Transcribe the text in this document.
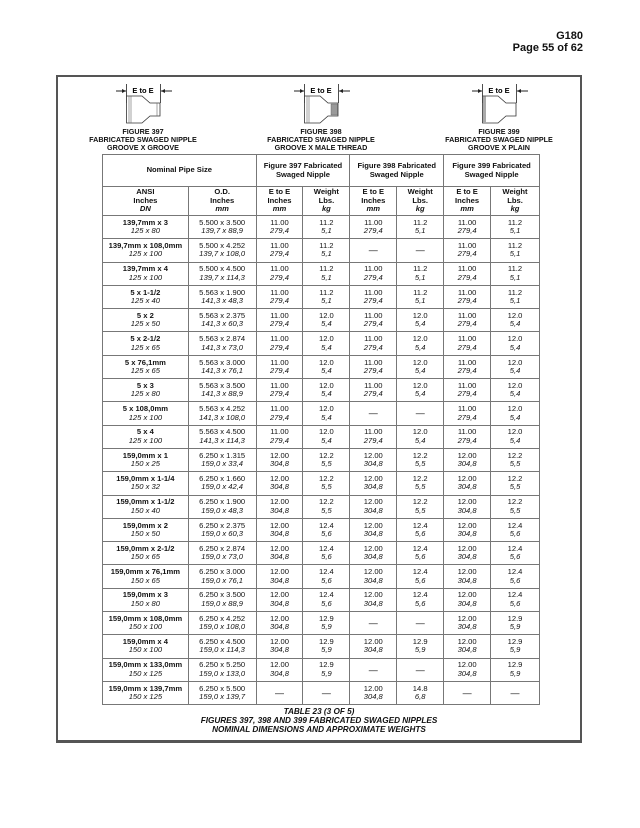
G180
Page 55 of 62
E to E
FIGURE 397
FABRICATED SWAGED NIPPLE
GROOVE X GROOVE
E to E
FIGURE 398
FABRICATED SWAGED NIPPLE
GROOVE X MALE THREAD
E to E
FIGURE 399
FABRICATED SWAGED NIPPLE
GROOVE X PLAIN
Nominal Pipe Size		Figure 397 Fabricated Swaged Nipple		Figure 398 Fabricated Swaged Nipple		Figure 399 Fabricated Swaged Nipple	

ANSI
Inches
DN	O.D.
Inches
mm	E to E
Inches
mm	Weight
Lbs.
kg	E to E
Inches
mm	Weight
Lbs.
kg	E to E
Inches
mm	Weight
Lbs.
kg

139,7mm x 3
125 x 80	5.500 x 3.500
139,7 x 88,9	11.00
279,4	11.2
5,1	11.00
279,4	11.2
5,1	11.00
279,4	11.2
5,1

139,7mm x 108,0mm
125 x 100	5.500 x 4.252
139,7 x 108,0	11.00
279,4	11.2
5,1	—	—	11.00
279,4	11.2
5,1

139,7mm x 4
125 x 100	5.500 x 4.500
139,7 x 114,3	11.00
279,4	11.2
5,1	11.00
279,4	11.2
5,1	11.00
279,4	11.2
5,1

5 x 1-1/2
125 x 40	5.563 x 1.900
141,3 x 48,3	11.00
279,4	11.2
5,1	11.00
279,4	11.2
5,1	11.00
279,4	11.2
5,1

5 x 2
125 x 50	5.563 x 2.375
141,3 x 60,3	11.00
279,4	12.0
5,4	11.00
279,4	12.0
5,4	11.00
279,4	12.0
5,4

5 x 2-1/2
125 x 65	5.563 x 2.874
141,3 x 73,0	11.00
279,4	12.0
5,4	11.00
279,4	12.0
5,4	11.00
279,4	12.0
5,4

5 x 76,1mm
125 x 65	5.563 x 3.000
141,3 x 76,1	11.00
279,4	12.0
5,4	11.00
279,4	12.0
5,4	11.00
279,4	12.0
5,4

5 x 3
125 x 80	5.563 x 3.500
141,3 x 88,9	11.00
279,4	12.0
5,4	11.00
279,4	12.0
5,4	11.00
279,4	12.0
5,4

5 x 108,0mm
125 x 100	5.563 x 4.252
141,3 x 108,0	11.00
279,4	12.0
5,4	—	—	11.00
279,4	12.0
5,4

5 x 4
125 x 100	5.563 x 4.500
141,3 x 114,3	11.00
279,4	12.0
5,4	11.00
279,4	12.0
5,4	11.00
279,4	12.0
5,4

159,0mm x 1
150 x 25	6.250 x 1.315
159,0 x 33,4	12.00
304,8	12.2
5,5	12.00
304,8	12.2
5,5	12.00
304,8	12.2
5,5

159,0mm x 1-1/4
150 x 32	6.250 x 1.660
159,0 x 42,4	12.00
304,8	12.2
5,5	12.00
304,8	12.2
5,5	12.00
304,8	12.2
5,5

159,0mm x 1-1/2
150 x 40	6.250 x 1.900
159,0 x 48,3	12.00
304,8	12.2
5,5	12.00
304,8	12.2
5,5	12.00
304,8	12.2
5,5

159,0mm x 2
150 x 50	6.250 x 2.375
159,0 x 60,3	12.00
304,8	12.4
5,6	12.00
304,8	12.4
5,6	12.00
304,8	12.4
5,6

159,0mm x 2-1/2
150 x 65	6.250 x 2.874
159,0 x 73,0	12.00
304,8	12.4
5,6	12.00
304,8	12.4
5,6	12.00
304,8	12.4
5,6

159,0mm x 76,1mm
150 x 65	6.250 x 3.000
159,0 x 76,1	12.00
304,8	12.4
5,6	12.00
304,8	12.4
5,6	12.00
304,8	12.4
5,6

159,0mm x 3
150 x 80	6.250 x 3.500
159,0 x 88,9	12.00
304,8	12.4
5,6	12.00
304,8	12.4
5,6	12.00
304,8	12.4
5,6

159,0mm x 108,0mm
150 x 100	6.250 x 4.252
159,0 x 108,0	12.00
304,8	12.9
5,9	—	—	12.00
304,8	12.9
5,9

159,0mm x 4
150 x 100	6.250 x 4.500
159,0 x 114,3	12.00
304,8	12.9
5,9	12.00
304,8	12.9
5,9	12.00
304,8	12.9
5,9

159,0mm x 133,0mm
150 x 125	6.250 x 5.250
159,0 x 133,0	12.00
304,8	12.9
5,9	—	—	12.00
304,8	12.9
5,9

159,0mm x 139,7mm
150 x 125	6.250 x 5.500
159,0 x 139,7	—	—	12.00
304,8	14.8
6,8	—	—
TABLE 23 (3 OF 5)
FIGURES 397, 398 AND 399 FABRICATED SWAGED NIPPLES
NOMINAL DIMENSIONS AND APPROXIMATE WEIGHTS
